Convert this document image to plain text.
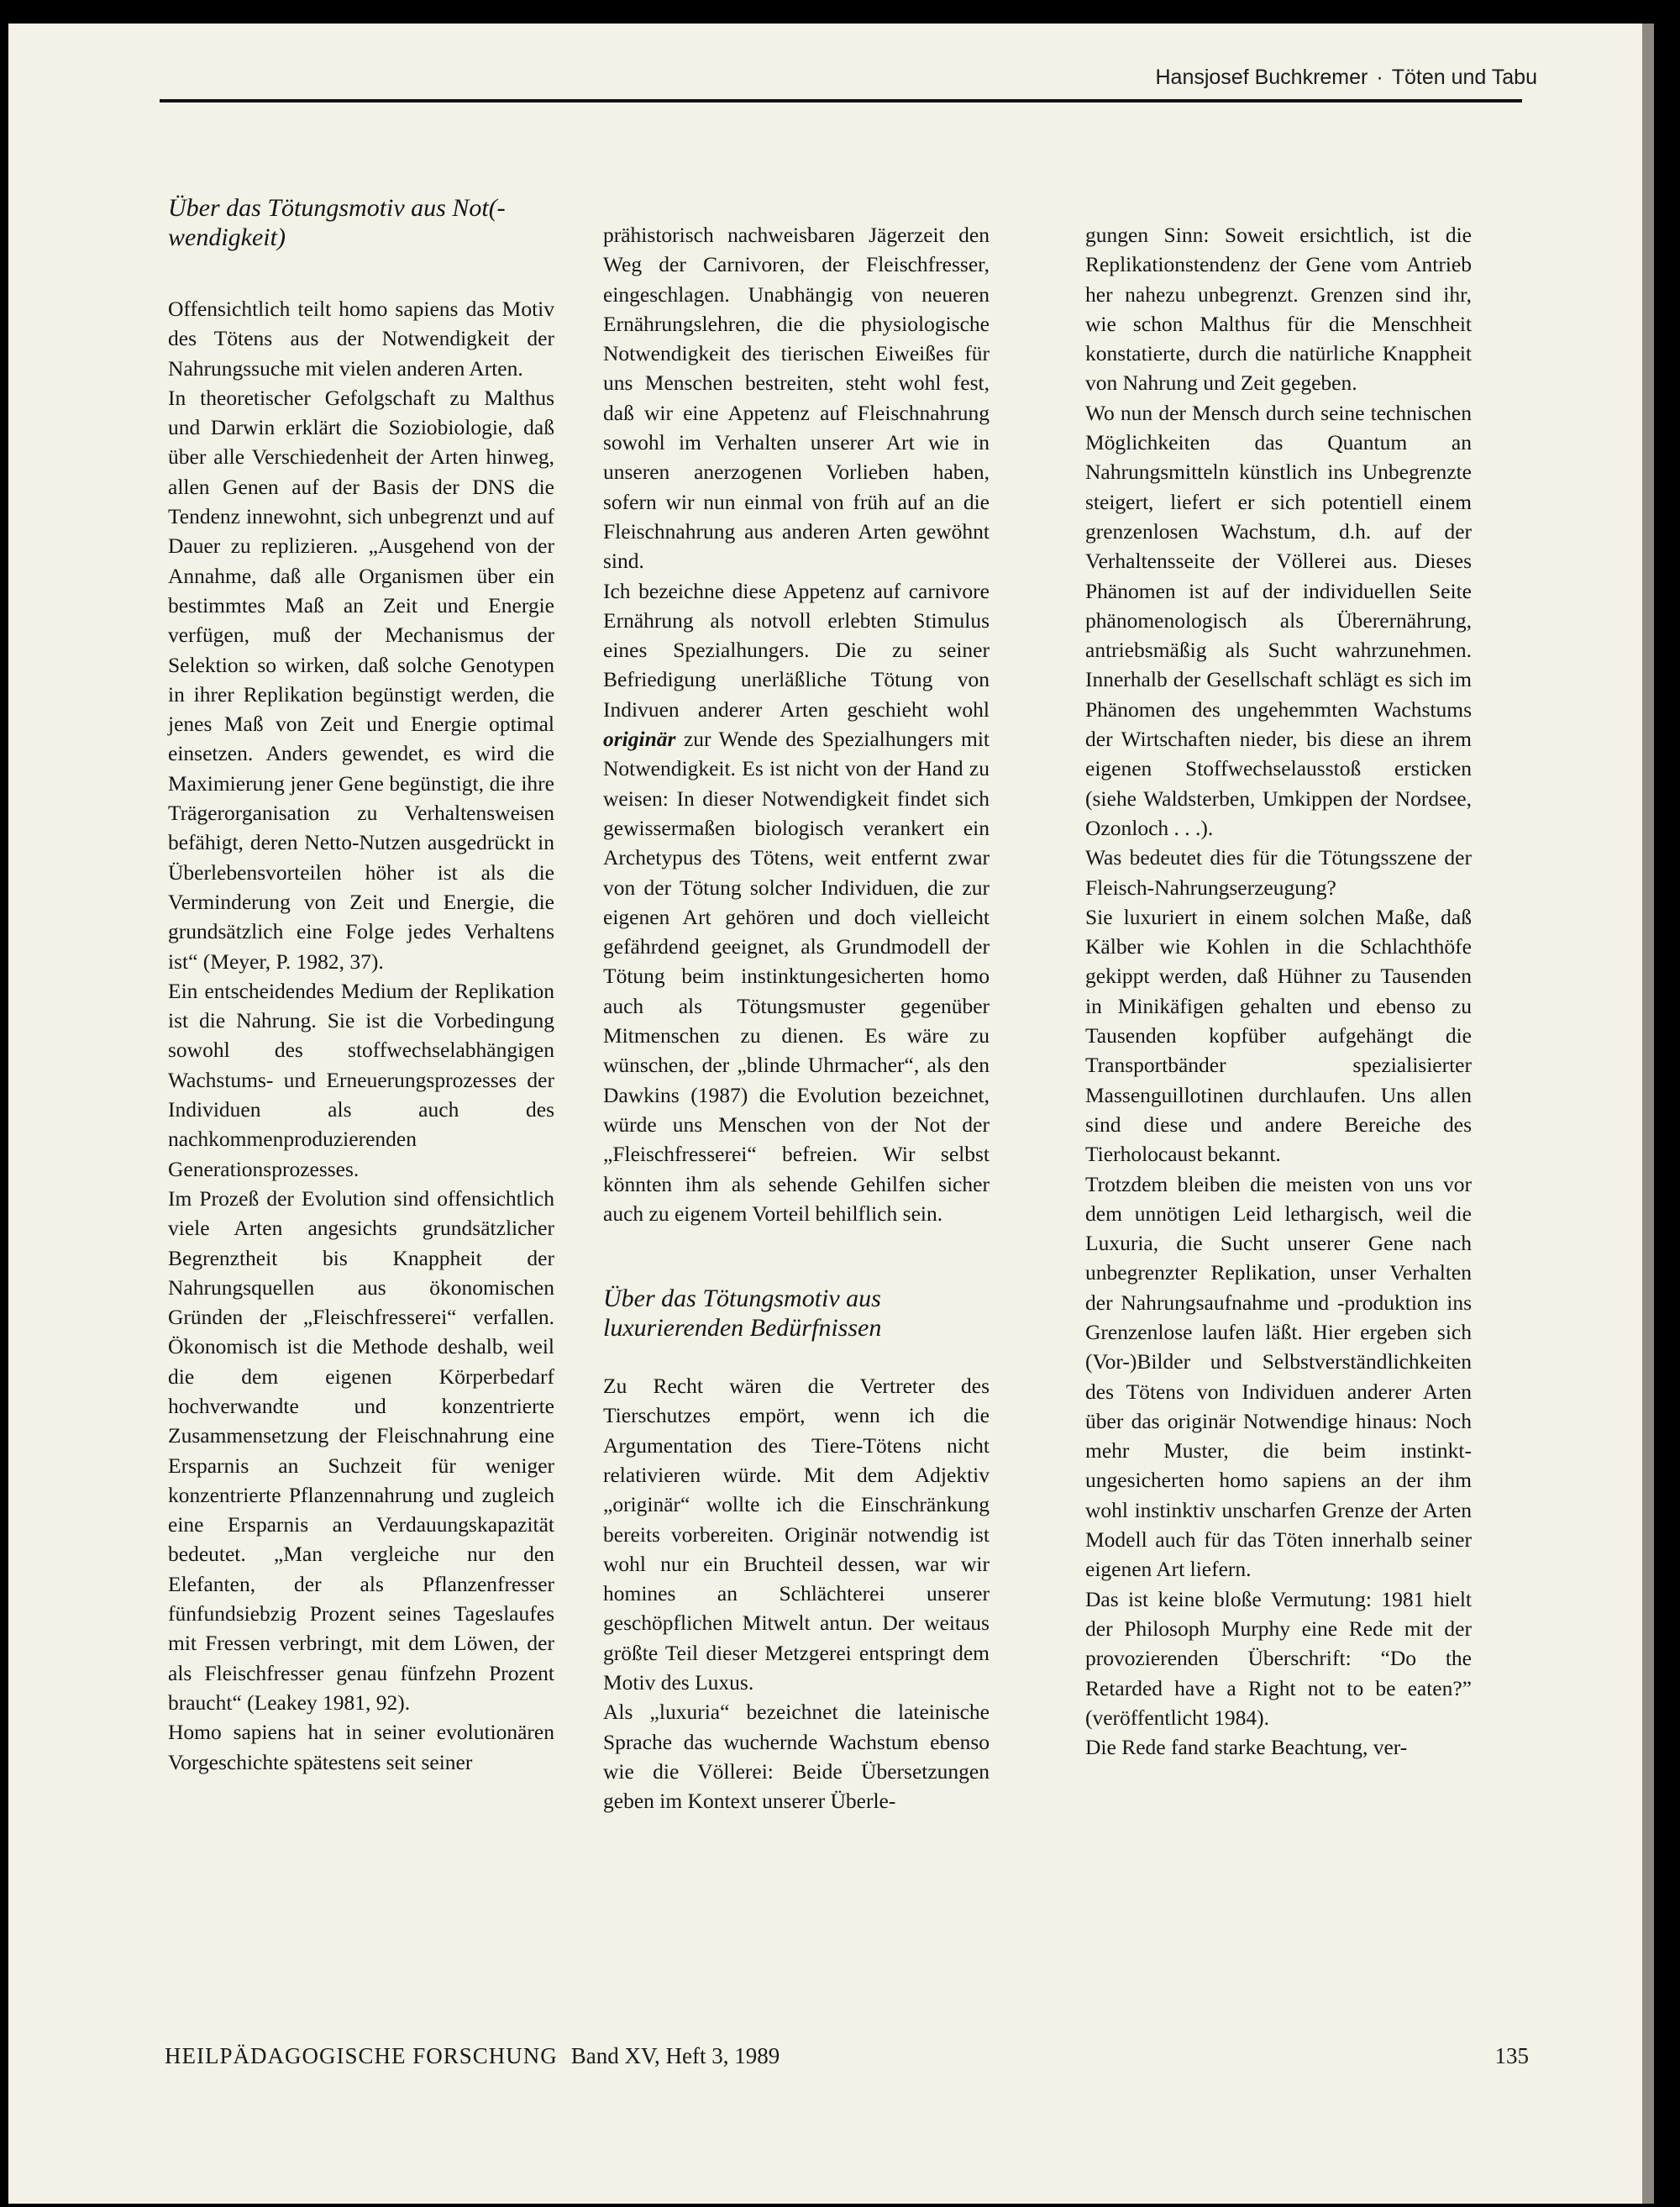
Hansjosef Buchkremer · Töten und Tabu
Über das Tötungsmotiv aus Not(-wendigkeit)

Offensichtlich teilt homo sapiens das Motiv des Tötens aus der Notwendigkeit der Nahrungssuche mit vielen anderen Arten.

In theoretischer Gefolgschaft zu Malthus und Darwin erklärt die Soziobiologie, daß über alle Verschiedenheit der Arten hinweg, allen Genen auf der Basis der DNS die Tendenz innewohnt, sich unbegrenzt und auf Dauer zu replizieren. „Ausgehend von der Annahme, daß alle Organismen über ein bestimmtes Maß an Zeit und Energie verfügen, muß der Mechanismus der Selektion so wirken, daß solche Genotypen in ihrer Replikation begünstigt werden, die jenes Maß von Zeit und Energie optimal einsetzen. Anders gewendet, es wird die Maximierung jener Gene begünstigt, die ihre Trägerorganisation zu Verhaltensweisen befähigt, deren Netto-Nutzen ausgedrückt in Überlebensvorteilen höher ist als die Verminderung von Zeit und Energie, die grundsätzlich eine Folge jedes Verhaltens ist“ (Meyer, P. 1982, 37).

Ein entscheidendes Medium der Replikation ist die Nahrung. Sie ist die Vorbedingung sowohl des stoffwechselabhängigen Wachstums- und Erneuerungsprozesses der Individuen als auch des nachkommenproduzierenden Generationsprozesses.

Im Prozeß der Evolution sind offensichtlich viele Arten angesichts grundsätzlicher Begrenztheit bis Knappheit der Nahrungsquellen aus ökonomischen Gründen der „Fleischfresserei“ verfallen. Ökonomisch ist die Methode deshalb, weil die dem eigenen Körperbedarf hochverwandte und konzentrierte Zusammensetzung der Fleischnahrung eine Ersparnis an Suchzeit für weniger konzentrierte Pflanzennahrung und zugleich eine Ersparnis an Verdauungskapazität bedeutet. „Man vergleiche nur den Elefanten, der als Pflanzenfresser fünfundsiebzig Prozent seines Tageslaufes mit Fressen verbringt, mit dem Löwen, der als Fleischfresser genau fünfzehn Prozent braucht“ (Leakey 1981, 92).

Homo sapiens hat in seiner evolutionären Vorgeschichte spätestens seit seiner

prähistorisch nachweisbaren Jägerzeit den Weg der Carnivoren, der Fleischfresser, eingeschlagen. Unabhängig von neueren Ernährungslehren, die die physiologische Notwendigkeit des tierischen Eiweißes für uns Menschen bestreiten, steht wohl fest, daß wir eine Appetenz auf Fleischnahrung sowohl im Verhalten unserer Art wie in unseren anerzogenen Vorlieben haben, sofern wir nun einmal von früh auf an die Fleischnahrung aus anderen Arten gewöhnt sind.

Ich bezeichne diese Appetenz auf carnivore Ernährung als notvoll erlebten Stimulus eines Spezialhungers. Die zu seiner Befriedigung unerläßliche Tötung von Indivuen anderer Arten geschieht wohl originär zur Wende des Spezialhungers mit Notwendigkeit. Es ist nicht von der Hand zu weisen: In dieser Notwendigkeit findet sich gewissermaßen biologisch verankert ein Archetypus des Tötens, weit entfernt zwar von der Tötung solcher Individuen, die zur eigenen Art gehören und doch vielleicht gefährdend geeignet, als Grundmodell der Tötung beim instinktungesicherten homo auch als Tötungsmuster gegenüber Mitmenschen zu dienen. Es wäre zu wünschen, der „blinde Uhrmacher“, als den Dawkins (1987) die Evolution bezeichnet, würde uns Menschen von der Not der „Fleischfresserei“ befreien. Wir selbst könnten ihm als sehende Gehilfen sicher auch zu eigenem Vorteil behilflich sein.

Über das Tötungsmotiv aus luxurierenden Bedürfnissen

Zu Recht wären die Vertreter des Tierschutzes empört, wenn ich die Argumentation des Tiere-Tötens nicht relativieren würde. Mit dem Adjektiv „originär“ wollte ich die Einschränkung bereits vorbereiten. Originär notwendig ist wohl nur ein Bruchteil dessen, war wir homines an Schlächterei unserer geschöpflichen Mitwelt antun. Der weitaus größte Teil dieser Metzgerei entspringt dem Motiv des Luxus.

Als „luxuria“ bezeichnet die lateinische Sprache das wuchernde Wachstum ebenso wie die Völlerei: Beide Übersetzungen geben im Kontext unserer Überle-

gungen Sinn: Soweit ersichtlich, ist die Replikationstendenz der Gene vom Antrieb her nahezu unbegrenzt. Grenzen sind ihr, wie schon Malthus für die Menschheit konstatierte, durch die natürliche Knappheit von Nahrung und Zeit gegeben.

Wo nun der Mensch durch seine technischen Möglichkeiten das Quantum an Nahrungsmitteln künstlich ins Unbegrenzte steigert, liefert er sich potentiell einem grenzenlosen Wachstum, d.h. auf der Verhaltensseite der Völlerei aus. Dieses Phänomen ist auf der individuellen Seite phänomenologisch als Überernährung, antriebsmäßig als Sucht wahrzunehmen. Innerhalb der Gesellschaft schlägt es sich im Phänomen des ungehemmten Wachstums der Wirtschaften nieder, bis diese an ihrem eigenen Stoffwechselausstoß ersticken (siehe Waldsterben, Umkippen der Nordsee, Ozonloch . . .).

Was bedeutet dies für die Tötungsszene der Fleisch-Nahrungserzeugung?

Sie luxuriert in einem solchen Maße, daß Kälber wie Kohlen in die Schlachthöfe gekippt werden, daß Hühner zu Tausenden in Minikäfigen gehalten und ebenso zu Tausenden kopfüber aufgehängt die Transportbänder spezialisierter Massenguillotinen durchlaufen. Uns allen sind diese und andere Bereiche des Tierholocaust bekannt.

Trotzdem bleiben die meisten von uns vor dem unnötigen Leid lethargisch, weil die Luxuria, die Sucht unserer Gene nach unbegrenzter Replikation, unser Verhalten der Nahrungsaufnahme und -produktion ins Grenzenlose laufen läßt. Hier ergeben sich (Vor-)Bilder und Selbstverständlichkeiten des Tötens von Individuen anderer Arten über das originär Notwendige hinaus: Noch mehr Muster, die beim instinkt-ungesicherten homo sapiens an der ihm wohl instinktiv unscharfen Grenze der Arten Modell auch für das Töten innerhalb seiner eigenen Art liefern.

Das ist keine bloße Vermutung: 1981 hielt der Philosoph Murphy eine Rede mit der provozierenden Überschrift: “Do the Retarded have a Right not to be eaten?” (veröffentlicht 1984).

Die Rede fand starke Beachtung, ver-

HEILPÄDAGOGISCHE FORSCHUNG Band XV, Heft 3, 1989	135
